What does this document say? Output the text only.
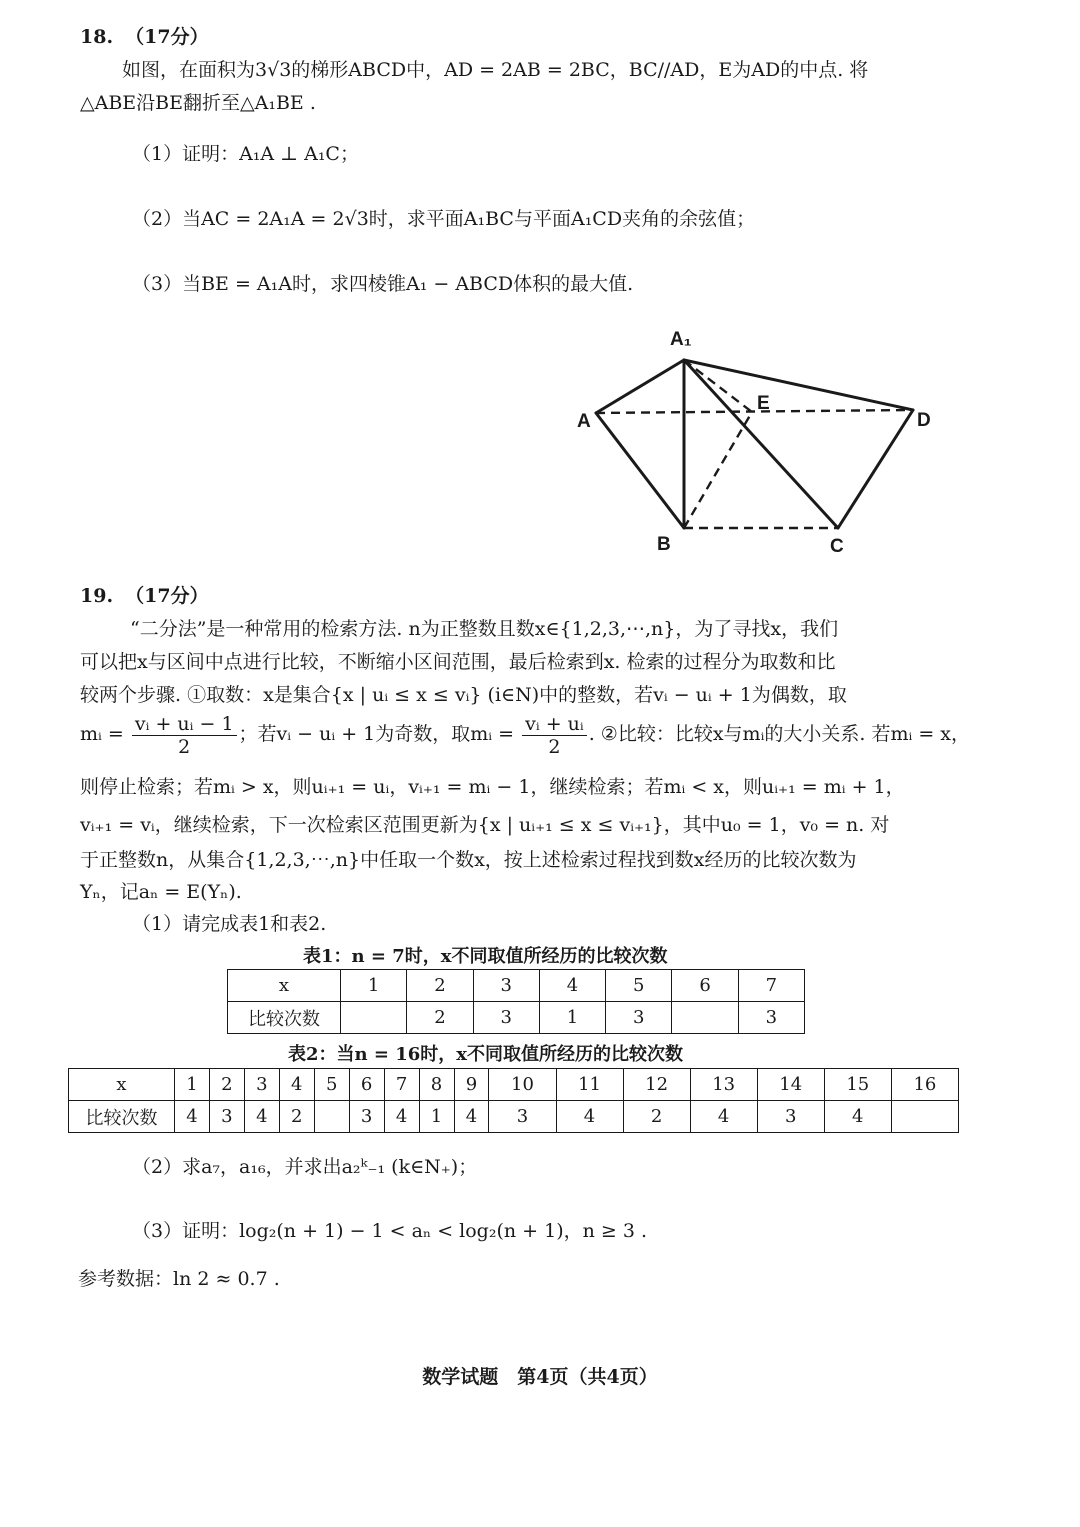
18. （17分）
如图，在面积为3√3的梯形ABCD中，AD = 2AB = 2BC，BC//AD，E为AD的中点. 将
△ABE沿BE翻折至△A₁BE .
（1）证明：A₁A ⊥ A₁C；
（2）当AC = 2A₁A = 2√3时，求平面A₁BC与平面A₁CD夹角的余弦值；
（3）当BE = A₁A时，求四棱锥A₁ − ABCD体积的最大值.
A₁
A
E
D
B	C
19. （17分）
“二分法”是一种常用的检索方法. n为正整数且数x∈{1,2,3,⋯,n}，为了寻找x，我们
可以把x与区间中点进行比较，不断缩小区间范围，最后检索到x. 检索的过程分为取数和比
较两个步骤. ①取数：x是集合{x | uᵢ ≤ x ≤ vᵢ} (i∈N)中的整数，若vᵢ − uᵢ + 1为偶数，取
mᵢ = $\frac{\text{vᵢ + uᵢ − 1}}{2}$ ；若vᵢ − uᵢ + 1为奇数，取mᵢ = $\frac{\text{vᵢ + uᵢ}}{2}$ . ②比较：比较x与mᵢ的大小关系. 若mᵢ = x，
则停止检索；若mᵢ > x，则uᵢ₊₁ = uᵢ，vᵢ₊₁ = mᵢ − 1，继续检索；若mᵢ < x，则uᵢ₊₁ = mᵢ + 1，
vᵢ₊₁ = vᵢ，继续检索，下一次检索区范围更新为{x | uᵢ₊₁ ≤ x ≤ vᵢ₊₁}，其中u₀ = 1，v₀ = n. 对
于正整数n，从集合{1,2,3,⋯,n}中任取一个数x，按上述检索过程找到数x经历的比较次数为
Yₙ，记aₙ = E(Yₙ).
（1）请完成表1和表2.
表1：n = 7时，x不同取值所经历的比较次数
x	1	2	3	4	5	6	7
比较次数		2	3	1	3		3
表2：当n = 16时，x不同取值所经历的比较次数
x	1	2	3	4	5	6	7	8	9	10	11	12	13	14	15	16
比较次数	4	3	4	2		3	4	1	4	3	4	2	4	3	4	
（2）求a₇，a₁₆，并求出a₂ᵏ₋₁ (k∈N₊)；
（3）证明：log₂(n + 1) − 1 < aₙ < log₂(n + 1)，n ≥ 3 .
参考数据：ln 2 ≈ 0.7 .
数学试题　第4页（共4页）
